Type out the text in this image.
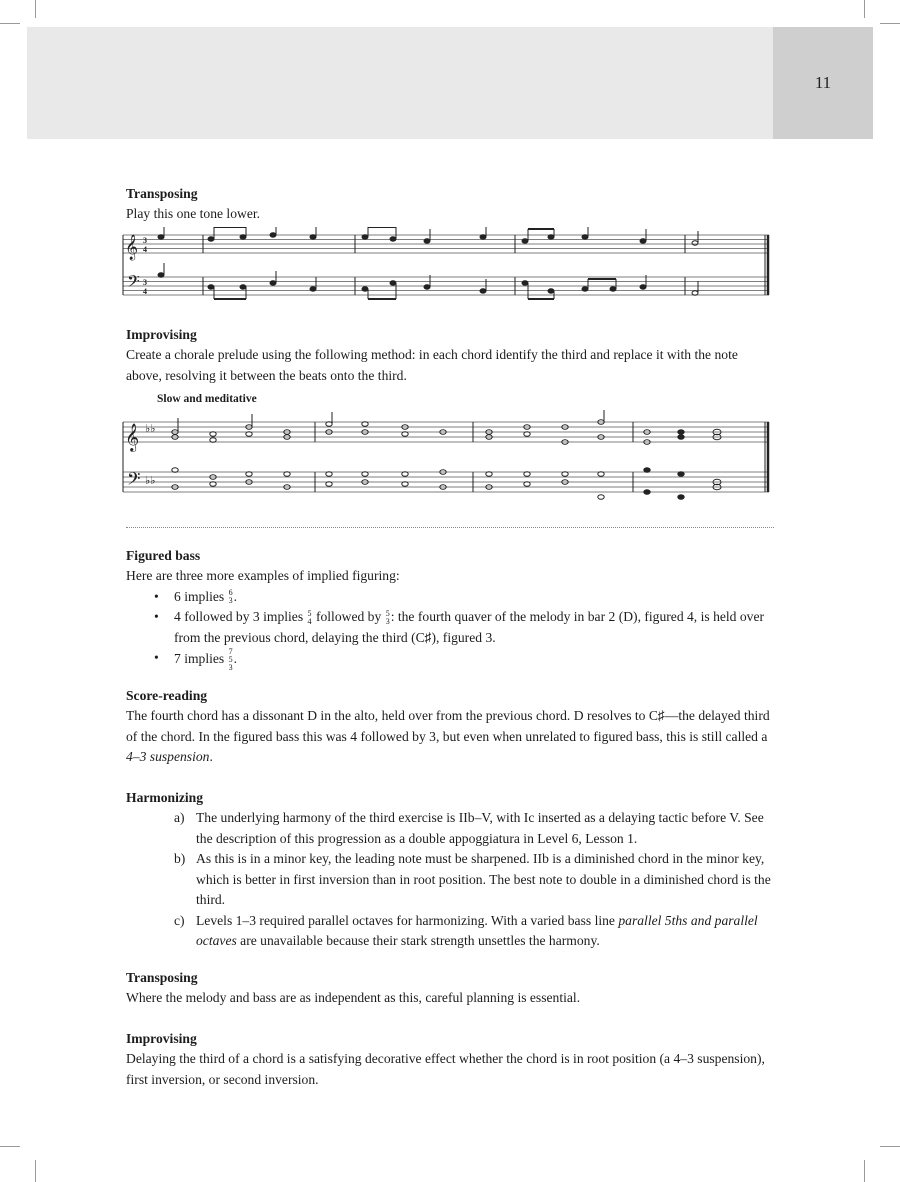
11
Transposing
Play this one tone lower.
𝄞
𝄢
3
4
3
4
Improvising
Create a chorale prelude using the following method: in each chord identify the third and replace it with the note above, resolving it between the beats onto the third.
Slow and meditative
𝄞
𝄢
♭♭
♭♭
Figured bass
Here are three more examples of implied figuring:
• 6 implies 6
3 .
• 4 followed by 3 implies 5
4 followed by 5
3 : the fourth quaver of the melody in bar 2 (D), figured 4, is held over from the previous chord, delaying the third (C♯), figured 3.
• 7 implies 7
5
3
.
Score-reading
The fourth chord has a dissonant D in the alto, held over from the previous chord. D resolves to C♯—the delayed third of the chord. In the figured bass this was 4 followed by 3, but even when unrelated to figured bass, this is still called a 4–3 suspension.
Harmonizing
a) The underlying harmony of the third exercise is IIb–V, with Ic inserted as a delaying tactic before V. See the description of this progression as a double appoggiatura in Level 6, Lesson 1.
b) As this is in a minor key, the leading note must be sharpened. IIb is a diminished chord in the minor key, which is better in first inversion than in root position. The best note to double in a diminished chord is the third.
c) Levels 1–3 required parallel octaves for harmonizing. With a varied bass line parallel 5ths and parallel octaves are unavailable because their stark strength unsettles the harmony.
Transposing
Where the melody and bass are as independent as this, careful planning is essential.
Improvising
Delaying the third of a chord is a satisfying decorative effect whether the chord is in root position (a 4–3 suspension), first inversion, or second inversion.
